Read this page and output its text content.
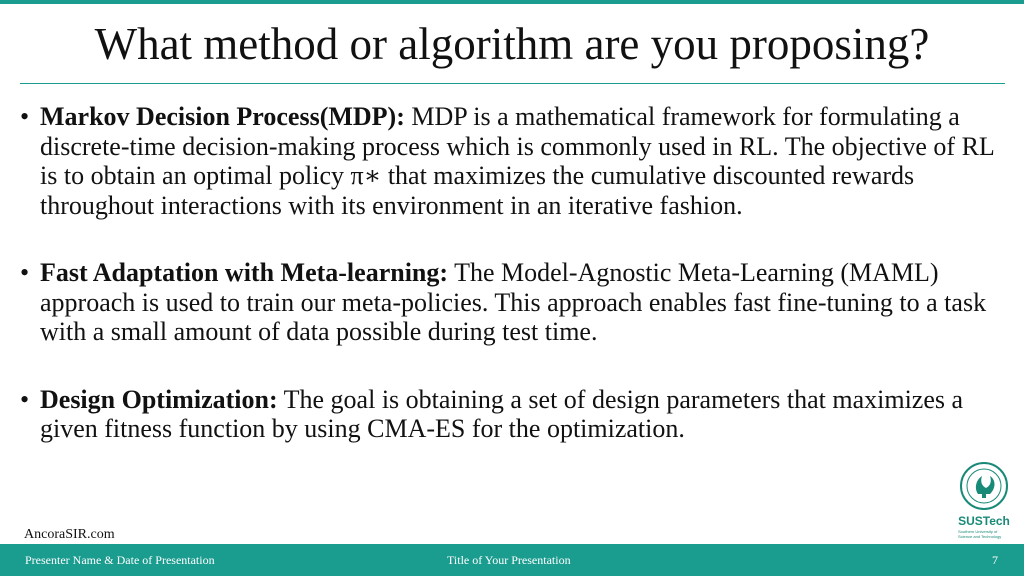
What method or algorithm are you proposing?
• Markov Decision Process(MDP): MDP is a mathematical framework for formulating a discrete-time decision-making process which is commonly used in RL. The objective of RL is to obtain an optimal policy π∗ that maximizes the cumulative discounted rewards throughout interactions with its environment in an iterative fashion.
• Fast Adaptation with Meta-learning: The Model-Agnostic Meta-Learning (MAML) approach is used to train our meta-policies. This approach enables fast fine-tuning to a task with a small amount of data possible during test time.
• Design Optimization: The goal is obtaining a set of design parameters that maximizes a given fitness function by using CMA-ES for the optimization.
AncoraSIR.com
SUSTech
Southern University of Science and Technology
Presenter Name & Date of Presentation	Title of Your Presentation	7
